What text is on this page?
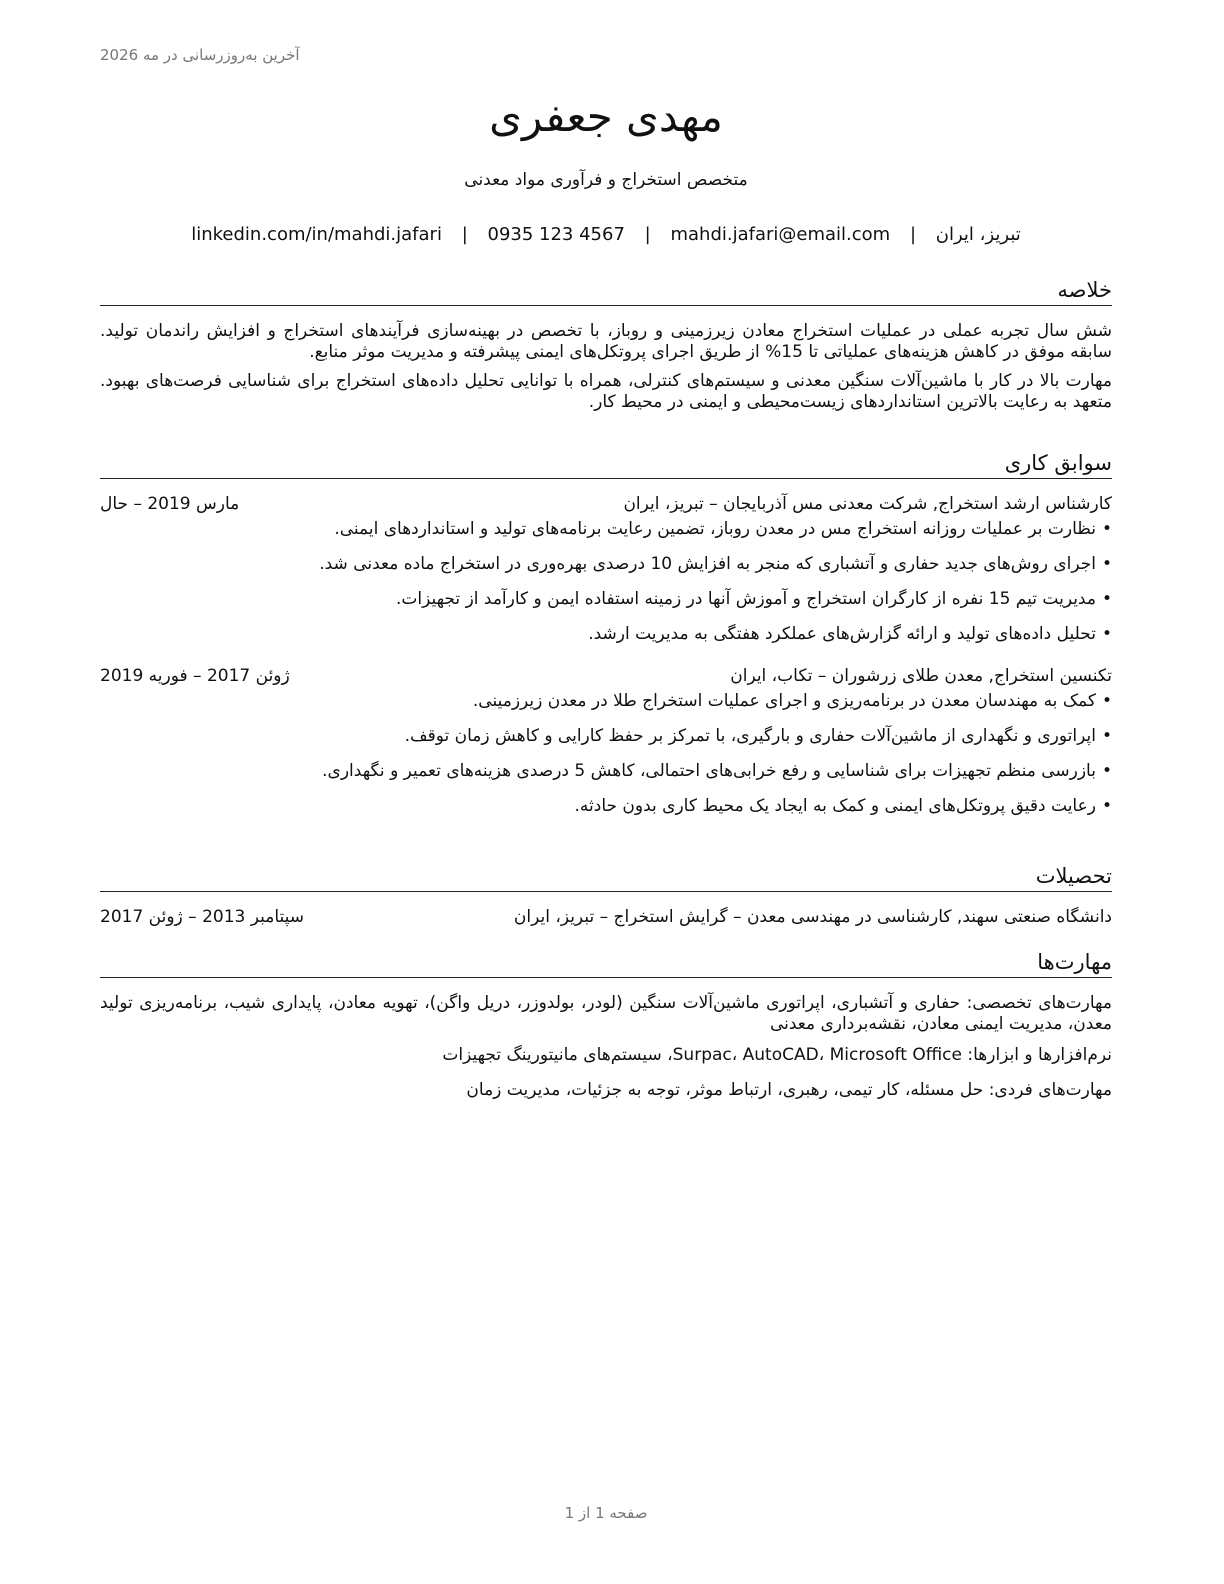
آخرین به‌روزرسانی در مه 2026
مهدی جعفری
متخصص استخراج و فرآوری مواد معدنی
تبریز، ایران | mahdi.jafari@email.com | 0935 123 4567 | linkedin.com/in/mahdi.jafari
خلاصه

شش سال تجربه عملی در عملیات استخراج معادن زیرزمینی و روباز، با تخصص در بهینه‌سازی فرآیندهای استخراج و افزایش راندمان تولید. سابقه موفق در کاهش هزینه‌های عملیاتی تا 15% از طریق اجرای پروتکل‌های ایمنی پیشرفته و مدیریت موثر منابع.

مهارت بالا در کار با ماشین‌آلات سنگین معدنی و سیستم‌های کنترلی، همراه با توانایی تحلیل داده‌های استخراج برای شناسایی فرصت‌های بهبود. متعهد به رعایت بالاترین استانداردهای زیست‌محیطی و ایمنی در محیط کار.

سوابق کاری
کارشناس ارشد استخراج, شرکت معدنی مس آذربایجان – تبریز، ایران
مارس 2019 – حال
• نظارت بر عملیات روزانه استخراج مس در معدن روباز، تضمین رعایت برنامه‌های تولید و استانداردهای ایمنی.
• اجرای روش‌های جدید حفاری و آتشباری که منجر به افزایش 10 درصدی بهره‌وری در استخراج ماده معدنی شد.
• مدیریت تیم 15 نفره از کارگران استخراج و آموزش آنها در زمینه استفاده ایمن و کارآمد از تجهیزات.
• تحلیل داده‌های تولید و ارائه گزارش‌های عملکرد هفتگی به مدیریت ارشد.
تکنسین استخراج, معدن طلای زرشوران – تکاب، ایران
ژوئن 2017 – فوریه 2019
• کمک به مهندسان معدن در برنامه‌ریزی و اجرای عملیات استخراج طلا در معدن زیرزمینی.
• اپراتوری و نگهداری از ماشین‌آلات حفاری و بارگیری، با تمرکز بر حفظ کارایی و کاهش زمان توقف.
• بازرسی منظم تجهیزات برای شناسایی و رفع خرابی‌های احتمالی، کاهش 5 درصدی هزینه‌های تعمیر و نگهداری.
• رعایت دقیق پروتکل‌های ایمنی و کمک به ایجاد یک محیط کاری بدون حادثه.
تحصیلات
دانشگاه صنعتی سهند, کارشناسی در مهندسی معدن – گرایش استخراج – تبریز، ایران
سپتامبر 2013 – ژوئن 2017
مهارت‌ها
مهارت‌های تخصصی: حفاری و آتشباری، اپراتوری ماشین‌آلات سنگین (لودر، بولدوزر، دریل واگن)، تهویه معادن، پایداری شیب، برنامه‌ریزی تولید معدن، مدیریت ایمنی معادن، نقشه‌برداری معدنی
نرم‌افزارها و ابزارها: Surpac، AutoCAD، Microsoft Office، سیستم‌های مانیتورینگ تجهیزات
مهارت‌های فردی: حل مسئله، کار تیمی، رهبری، ارتباط موثر، توجه به جزئیات، مدیریت زمان
صفحه 1 از 1
